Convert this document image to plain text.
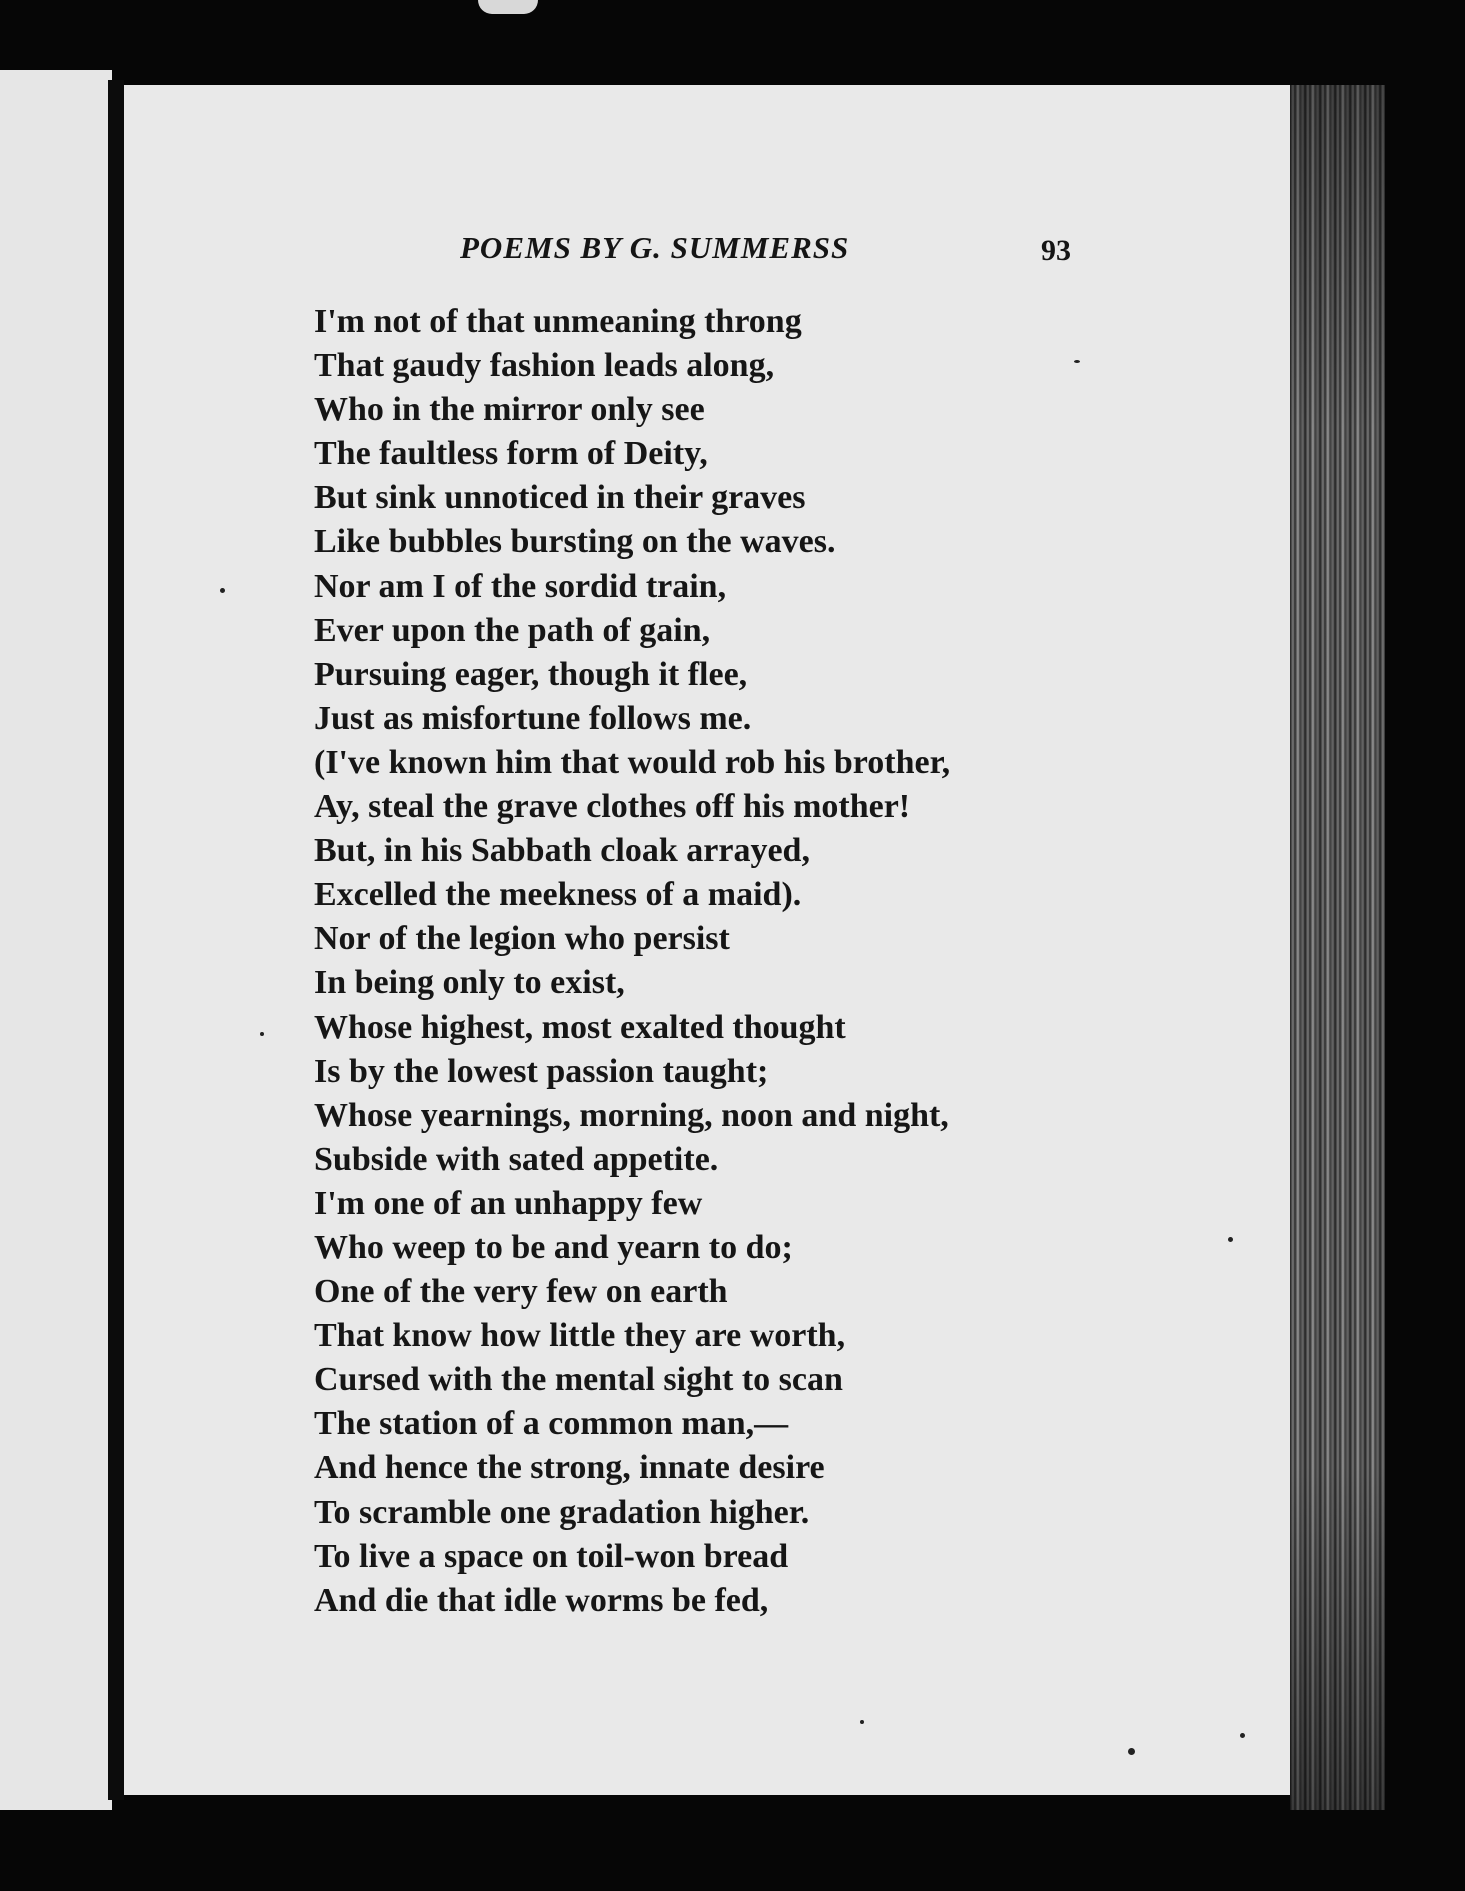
POEMS BY G. SUMMERSS	93
I'm not of that unmeaning throng
That gaudy fashion leads along,
Who in the mirror only see
The faultless form of Deity,
But sink unnoticed in their graves
Like bubbles bursting on the waves.
Nor am I of the sordid train,
Ever upon the path of gain,
Pursuing eager, though it flee,
Just as misfortune follows me.
(I've known him that would rob his brother,
Ay, steal the grave clothes off his mother!
But, in his Sabbath cloak arrayed,
Excelled the meekness of a maid).
Nor of the legion who persist
In being only to exist,
Whose highest, most exalted thought
Is by the lowest passion taught;
Whose yearnings, morning, noon and night,
Subside with sated appetite.
I'm one of an unhappy few
Who weep to be and yearn to do;
One of the very few on earth
That know how little they are worth,
Cursed with the mental sight to scan
The station of a common man,—
And hence the strong, innate desire
To scramble one gradation higher.
To live a space on toil-won bread
And die that idle worms be fed,
